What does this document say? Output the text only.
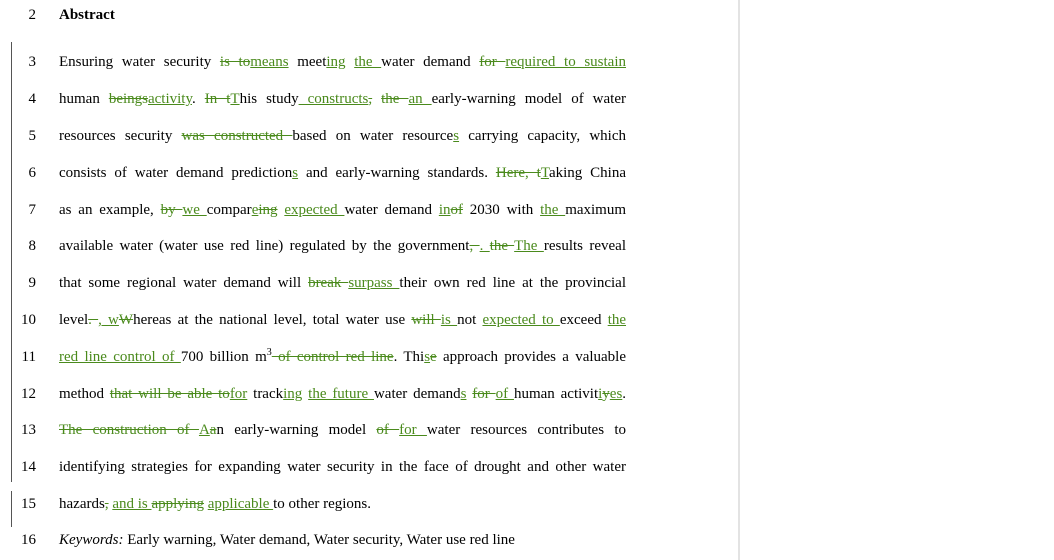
2 Abstract
3 Ensuring water security is tomeans meeting the water demand for required to sustain
4 human beingsactivity. In tThis study constructs, the an early-warning model of water
5 resources security was constructed based on water resources carrying capacity, which
6 consists of water demand predictions and early-warning standards. Here, tTaking China
7 as an example, by we compareing expected water demand inof 2030 with the maximum
8 available water (water use red line) regulated by the government, . the The results reveal
9 that some regional water demand will break surpass their own red line at the provincial
10 level. , wWhereas at the national level, total water use will is not expected to exceed the
11 red line control of 700 billion $m^3$ of control red line. Thise approach provides a valuable
12 method that will be able tofor tracking the future water demands for of human activitiyes.
13 The construction of Aan early-warning model of for water resources contributes to
14 identifying strategies for expanding water security in the face of drought and other water
15 hazards, and is applying applicable to other regions.
16 Keywords: Early warning, Water demand, Water security, Water use red line
